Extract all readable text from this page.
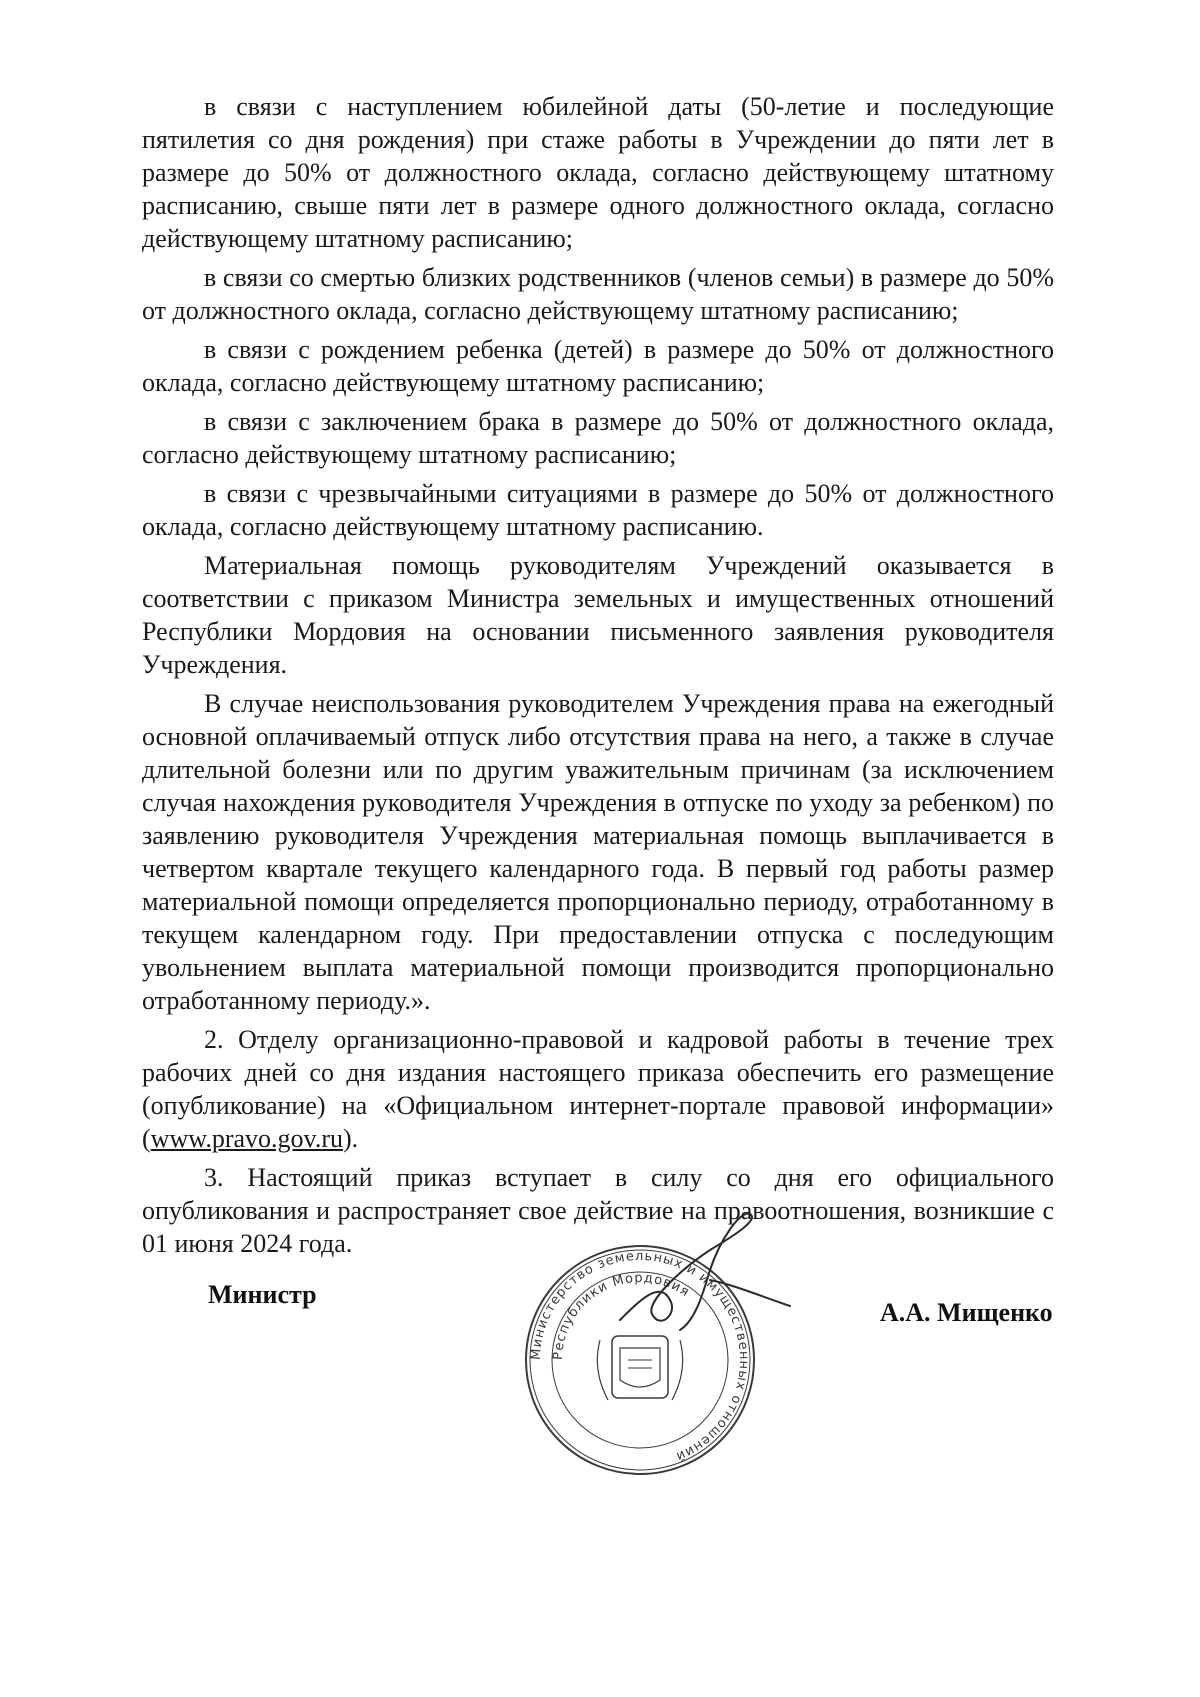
в связи с наступлением юбилейной даты (50-летие и последующие пятилетия со дня рождения) при стаже работы в Учреждении до пяти лет в размере до 50% от должностного оклада, согласно действующему штатному расписанию, свыше пяти лет в размере одного должностного оклада, согласно действующему штатному расписанию;

в связи со смертью близких родственников (членов семьи) в размере до 50% от должностного оклада, согласно действующему штатному расписанию;

в связи с рождением ребенка (детей) в размере до 50% от должностного оклада, согласно действующему штатному расписанию;

в связи с заключением брака в размере до 50% от должностного оклада, согласно действующему штатному расписанию;

в связи с чрезвычайными ситуациями в размере до 50% от должностного оклада, согласно действующему штатному расписанию.

Материальная помощь руководителям Учреждений оказывается в соответствии с приказом Министра земельных и имущественных отношений Республики Мордовия на основании письменного заявления руководителя Учреждения.

В случае неиспользования руководителем Учреждения права на ежегодный основной оплачиваемый отпуск либо отсутствия права на него, а также в случае длительной болезни или по другим уважительным причинам (за исключением случая нахождения руководителя Учреждения в отпуске по уходу за ребенком) по заявлению руководителя Учреждения материальная помощь выплачивается в четвертом квартале текущего календарного года. В первый год работы размер материальной помощи определяется пропорционально периоду, отработанному в текущем календарном году. При предоставлении отпуска с последующим увольнением выплата материальной помощи производится пропорционально отработанному периоду.».

2. Отделу организационно-правовой и кадровой работы в течение трех рабочих дней со дня издания настоящего приказа обеспечить его размещение (опубликование) на «Официальном интернет-портале правовой информации» (www.pravo.gov.ru).

3. Настоящий приказ вступает в силу со дня его официального опубликования и распространяет свое действие на правоотношения, возникшие с 01 июня 2024 года.

Министр
Министерство земельных и имущественных отношений
Республики Мордовия
А.А. Мищенко
